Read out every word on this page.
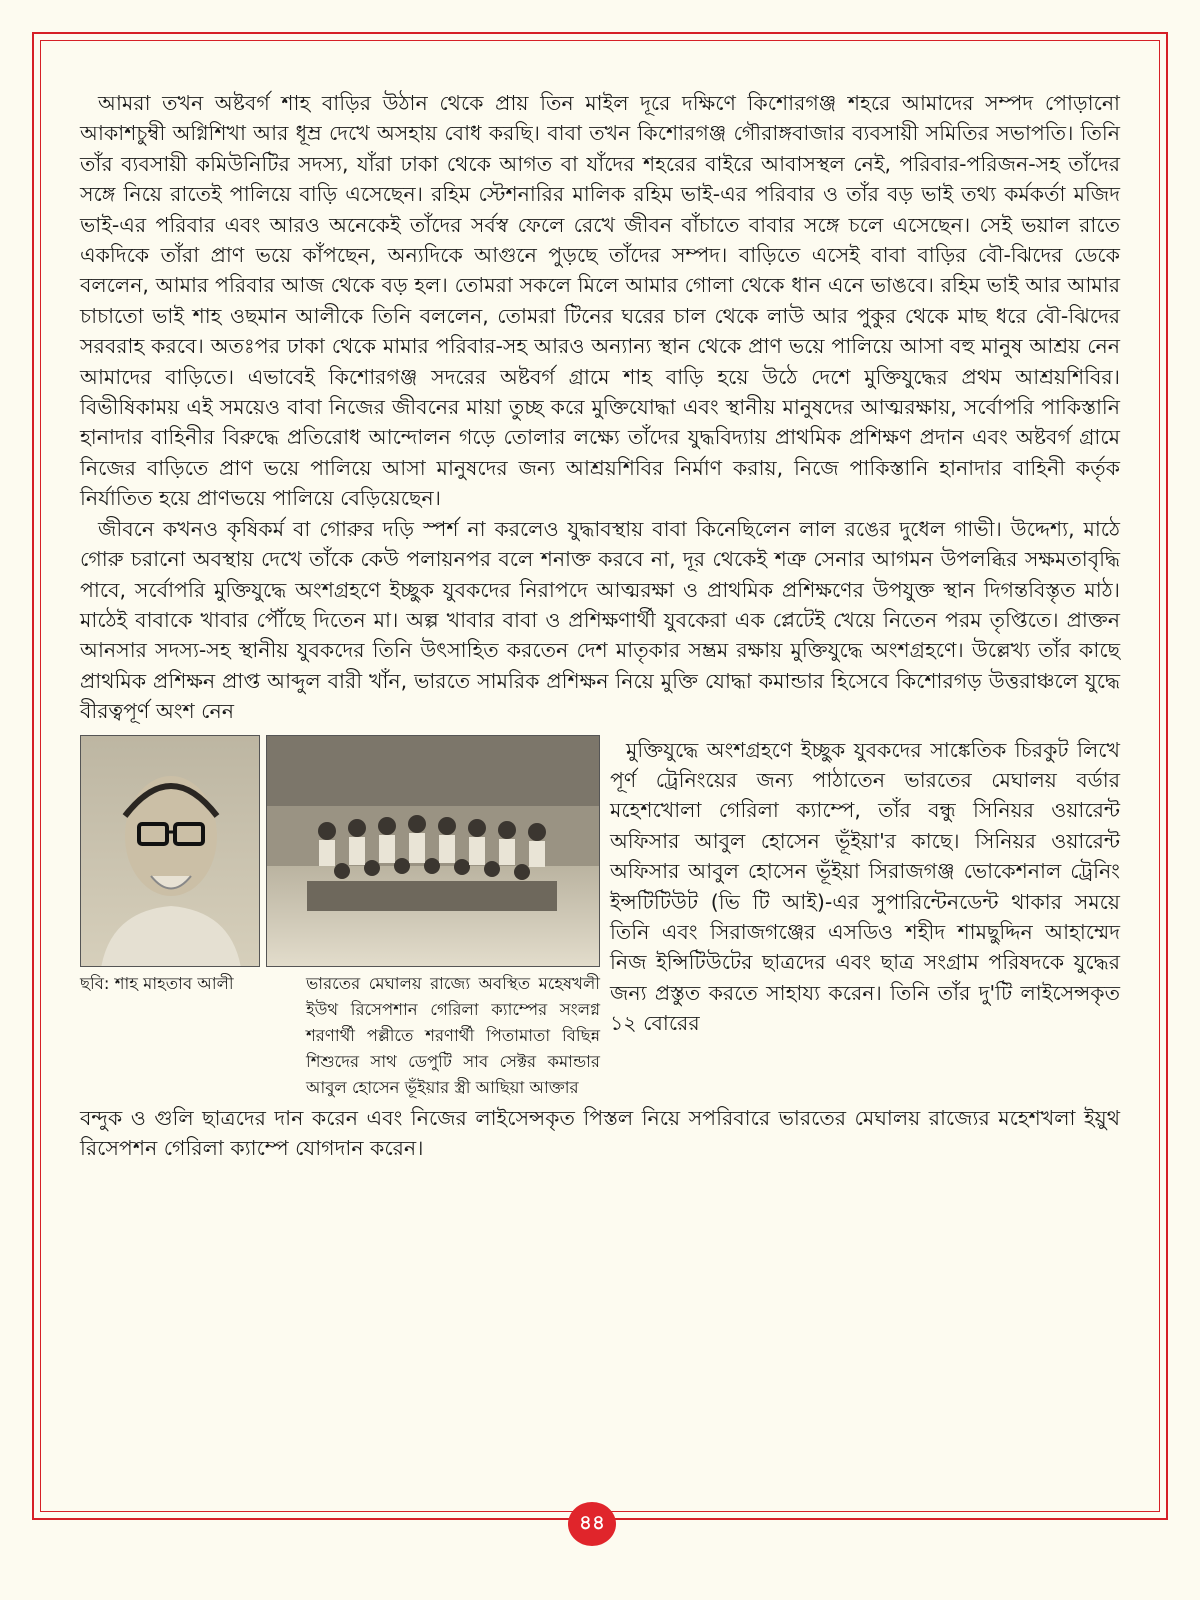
আমরা তখন অষ্টবর্গ শাহ বাড়ির উঠান থেকে প্রায় তিন মাইল দূরে দক্ষিণে কিশোরগঞ্জ শহরে আমাদের সম্পদ পোড়ানো আকাশচুম্বী অগ্নিশিখা আর ধূম্র দেখে অসহায় বোধ করছি। বাবা তখন কিশোরগঞ্জ গৌরাঙ্গবাজার ব্যবসায়ী সমিতির সভাপতি। তিনি তাঁর ব্যবসায়ী কমিউনিটির সদস্য, যাঁরা ঢাকা থেকে আগত বা যাঁদের শহরের বাইরে আবাসস্থল নেই, পরিবার-পরিজন-সহ তাঁদের সঙ্গে নিয়ে রাতেই পালিয়ে বাড়ি এসেছেন। রহিম স্টেশনারির মালিক রহিম ভাই-এর পরিবার ও তাঁর বড় ভাই তথ্য কর্মকর্তা মজিদ ভাই-এর পরিবার এবং আরও অনেকেই তাঁদের সর্বস্ব ফেলে রেখে জীবন বাঁচাতে বাবার সঙ্গে চলে এসেছেন। সেই ভয়াল রাতে একদিকে তাঁরা প্রাণ ভয়ে কাঁপছেন, অন্যদিকে আগুনে পুড়ছে তাঁদের সম্পদ। বাড়িতে এসেই বাবা বাড়ির বৌ-ঝিদের ডেকে বললেন, আমার পরিবার আজ থেকে বড় হল। তোমরা সকলে মিলে আমার গোলা থেকে ধান এনে ভাঙবে। রহিম ভাই আর আমার চাচাতো ভাই শাহ ওছমান আলীকে তিনি বললেন, তোমরা টিনের ঘরের চাল থেকে লাউ আর পুকুর থেকে মাছ ধরে বৌ-ঝিদের সরবরাহ করবে। অতঃপর ঢাকা থেকে মামার পরিবার-সহ আরও অন্যান্য স্থান থেকে প্রাণ ভয়ে পালিয়ে আসা বহু মানুষ আশ্রয় নেন আমাদের বাড়িতে। এভাবেই কিশোরগঞ্জ সদরের অষ্টবর্গ গ্রামে শাহ বাড়ি হয়ে উঠে দেশে মুক্তিযুদ্ধের প্রথম আশ্রয়শিবির। বিভীষিকাময় এই সময়েও বাবা নিজের জীবনের মায়া তুচ্ছ করে মুক্তিযোদ্ধা এবং স্থানীয় মানুষদের আত্মরক্ষায়, সর্বোপরি পাকিস্তানি হানাদার বাহিনীর বিরুদ্ধে প্রতিরোধ আন্দোলন গড়ে তোলার লক্ষ্যে তাঁদের যুদ্ধবিদ্যায় প্রাথমিক প্রশিক্ষণ প্রদান এবং অষ্টবর্গ গ্রামে নিজের বাড়িতে প্রাণ ভয়ে পালিয়ে আসা মানুষদের জন্য আশ্রয়শিবির নির্মাণ করায়, নিজে পাকিস্তানি হানাদার বাহিনী কর্তৃক নির্যাতিত হয়ে প্রাণভয়ে পালিয়ে বেড়িয়েছেন।

জীবনে কখনও কৃষিকর্ম বা গোরুর দড়ি স্পর্শ না করলেও যুদ্ধাবস্থায় বাবা কিনেছিলেন লাল রঙের দুধেল গাভী। উদ্দেশ্য, মাঠে গোরু চরানো অবস্থায় দেখে তাঁকে কেউ পলায়নপর বলে শনাক্ত করবে না, দূর থেকেই শত্রু সেনার আগমন উপলব্ধির সক্ষমতাবৃদ্ধি পাবে, সর্বোপরি মুক্তিযুদ্ধে অংশগ্রহণে ইচ্ছুক যুবকদের নিরাপদে আত্মরক্ষা ও প্রাথমিক প্রশিক্ষণের উপযুক্ত স্থান দিগন্তবিস্তৃত মাঠ। মাঠেই বাবাকে খাবার পৌঁছে দিতেন মা। অল্প খাবার বাবা ও প্রশিক্ষণার্থী যুবকেরা এক প্লেটেই খেয়ে নিতেন পরম তৃপ্তিতে। প্রাক্তন আনসার সদস্য-সহ স্থানীয় যুবকদের তিনি উৎসাহিত করতেন দেশ মাতৃকার সম্ভ্রম রক্ষায় মুক্তিযুদ্ধে অংশগ্রহণে। উল্লেখ্য তাঁর কাছে প্রাথমিক প্রশিক্ষন প্রাপ্ত আব্দুল বারী খাঁন, ভারতে সামরিক প্রশিক্ষন নিয়ে মুক্তি যোদ্ধা কমান্ডার হিসেবে কিশোরগড় উত্তরাঞ্চলে যুদ্ধে বীরত্বপূর্ণ অংশ নেন

ছবি: শাহ মাহতাব আলী	ভারতের মেঘালয় রাজ্যে অবস্থিত মহেষখলী ইউথ রিসেপশান গেরিলা ক্যাম্পের সংলগ্ন শরণার্থী পল্লীতে শরণার্থী পিতামাতা বিছিন্ন শিশুদের সাথ ডেপুটি সাব সেক্টর কমান্ডার আবুল হোসেন ভূঁইয়ার স্ত্রী আছিয়া আক্তার

মুক্তিযুদ্ধে অংশগ্রহণে ইচ্ছুক যুবকদের সাঙ্কেতিক চিরকুট লিখে পূর্ণ ট্রেনিংয়ের জন্য পাঠাতেন ভারতের মেঘালয় বর্ডার মহেশখোলা গেরিলা ক্যাম্পে, তাঁর বন্ধু সিনিয়র ওয়ারেন্ট অফিসার আবুল হোসেন ভূঁইয়া'র কাছে। সিনিয়র ওয়ারেন্ট অফিসার আবুল হোসেন ভূঁইয়া সিরাজগঞ্জ ভোকেশনাল ট্রেনিং ইন্সটিটিউট (ভি টি আই)-এর সুপারিন্টেনডেন্ট থাকার সময়ে তিনি এবং সিরাজগঞ্জের এসডিও শহীদ শামছুদ্দিন আহাম্মেদ নিজ ইন্সিটিউটের ছাত্রদের এবং ছাত্র সংগ্রাম পরিষদকে যুদ্ধের জন্য প্রস্তুত করতে সাহায্য করেন। তিনি তাঁর দু'টি লাইসেন্সকৃত ১২ বোরের

বন্দুক ও গুলি ছাত্রদের দান করেন এবং নিজের লাইসেন্সকৃত পিস্তল নিয়ে সপরিবারে ভারতের মেঘালয় রাজ্যের মহেশখলা ইয়ুথ রিসেপশন গেরিলা ক্যাম্পে যোগদান করেন।

৪৪
